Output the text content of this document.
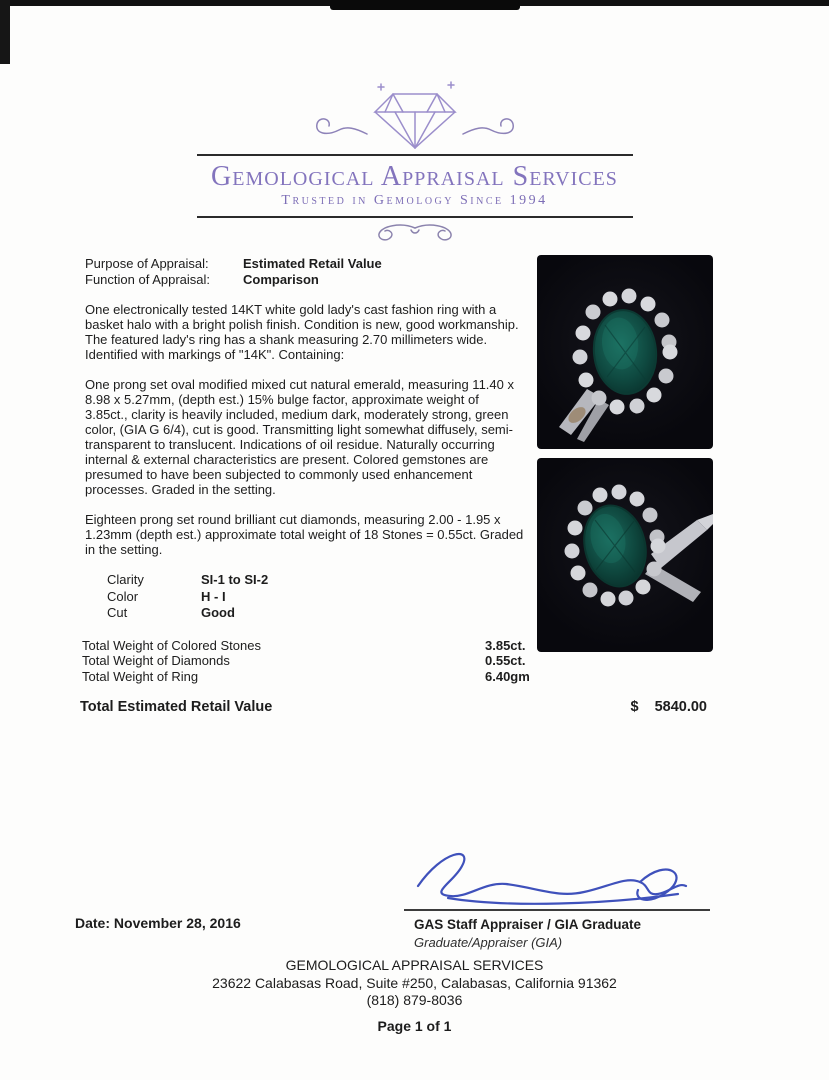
Gemological Appraisal Services
Trusted in Gemology Since 1994
Purpose of Appraisal:	Estimated Retail Value
Function of Appraisal:	Comparison
One electronically tested 14KT white gold lady's cast fashion ring with a basket halo with a bright polish finish. Condition is new, good workmanship. The featured lady's ring has a shank measuring 2.70 millimeters wide. Identified with markings of "14K". Containing:
One prong set oval modified mixed cut natural emerald, measuring 11.40 x 8.98 x 5.27mm, (depth est.) 15% bulge factor, approximate weight of 3.85ct., clarity is heavily included, medium dark, moderately strong, green color, (GIA G 6/4), cut is good. Transmitting light somewhat diffusely, semi-transparent to translucent. Indications of oil residue. Naturally occurring internal & external characteristics are present. Colored gemstones are presumed to have been subjected to commonly used enhancement processes. Graded in the setting.
Eighteen prong set round brilliant cut diamonds, measuring 2.00 - 1.95 x 1.23mm (depth est.) approximate total weight of 18 Stones = 0.55ct. Graded in the setting.
Clarity	SI-1 to SI-2
Color	H - I
Cut	Good
Total Weight of Colored Stones	3.85ct.
Total Weight of Diamonds	0.55ct.
Total Weight of Ring	6.40gm
Total Estimated Retail Value	$ 5840.00
GAS Staff Appraiser / GIA Graduate
Graduate/Appraiser (GIA)
Date: November 28, 2016
GEMOLOGICAL APPRAISAL SERVICES
23622 Calabasas Road, Suite #250, Calabasas, California 91362
(818) 879-8036
Page 1 of 1
